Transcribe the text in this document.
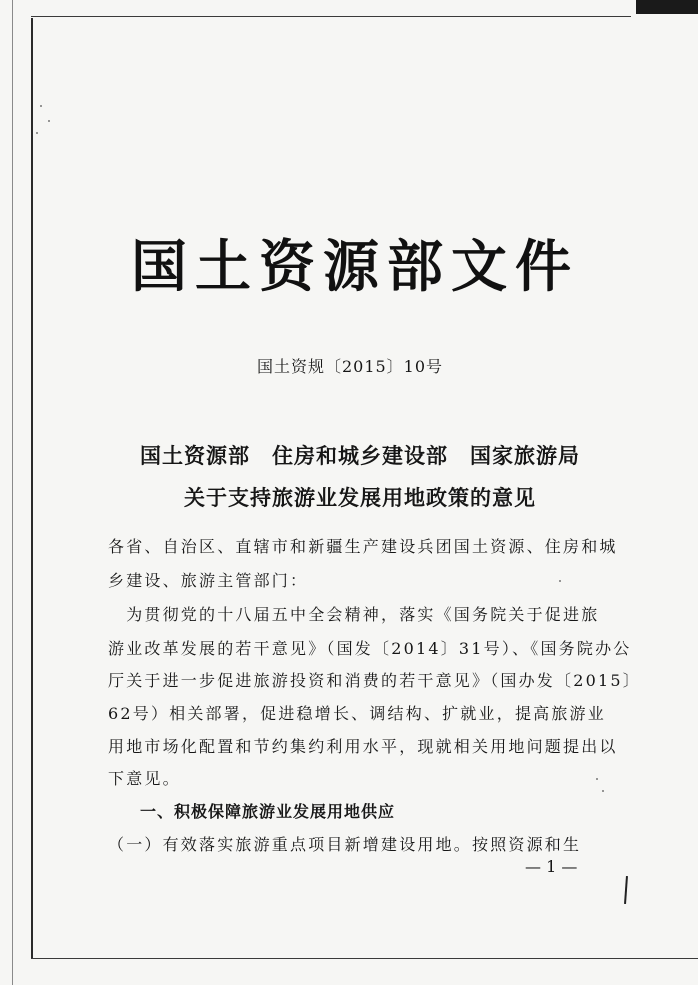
国土资源部文件
国土资规〔2015〕10号
国土资源部　住房和城乡建设部　国家旅游局
关于支持旅游业发展用地政策的意见
各省、自治区、直辖市和新疆生产建设兵团国土资源、住房和城
乡建设、旅游主管部门：
　为贯彻党的十八届五中全会精神，落实《国务院关于促进旅
游业改革发展的若干意见》（国发〔2014〕31号）、《国务院办公
厅关于进一步促进旅游投资和消费的若干意见》（国办发〔2015〕
62号）相关部署，促进稳增长、调结构、扩就业，提高旅游业
用地市场化配置和节约集约利用水平，现就相关用地问题提出以
下意见。
一、积极保障旅游业发展用地供应
（一）有效落实旅游重点项目新增建设用地。按照资源和生
— 1 —
